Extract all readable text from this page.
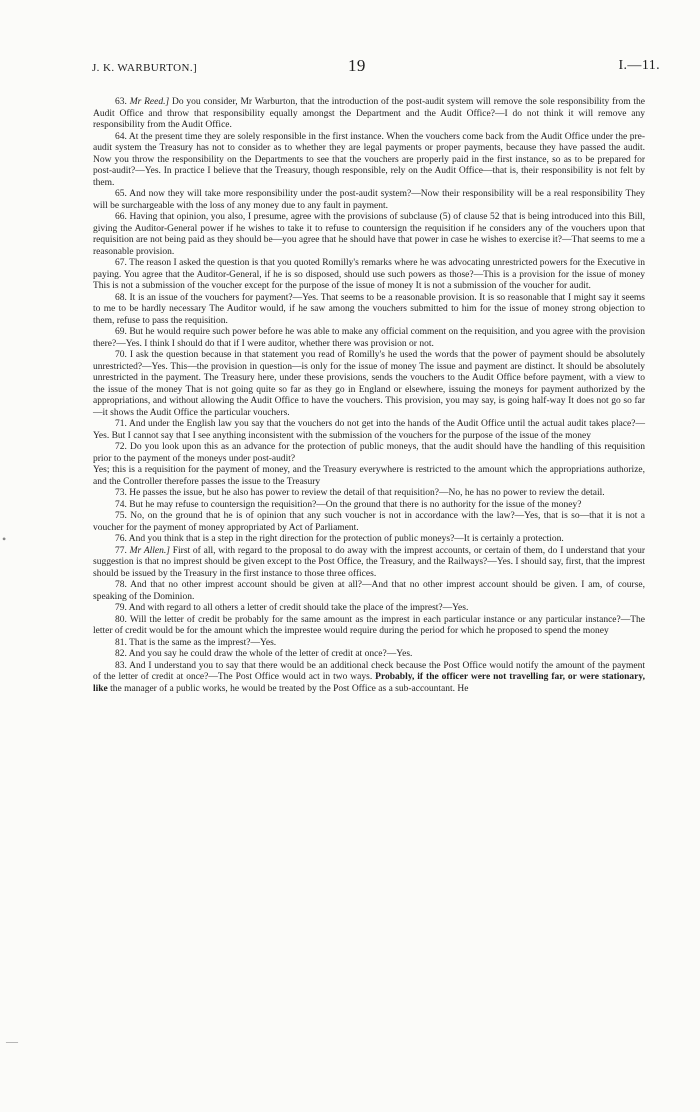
J. K. WARBURTON.]	19	I.—11.
•
—

63. Mr Reed.] Do you consider, Mr Warburton, that the introduction of the post-audit system will remove the sole responsibility from the Audit Office and throw that responsibility equally amongst the Department and the Audit Office?—I do not think it will remove any responsibility from the Audit Office.

64. At the present time they are solely responsible in the first instance. When the vouchers come back from the Audit Office under the pre-audit system the Treasury has not to consider as to whether they are legal payments or proper payments, because they have passed the audit. Now you throw the responsibility on the Departments to see that the vouchers are properly paid in the first instance, so as to be prepared for post-audit?—Yes. In practice I believe that the Treasury, though responsible, rely on the Audit Office—that is, their responsibility is not felt by them.

65. And now they will take more responsibility under the post-audit system?—Now their responsibility will be a real responsibility They will be surchargeable with the loss of any money due to any fault in payment.

66. Having that opinion, you also, I presume, agree with the provisions of subclause (5) of clause 52 that is being introduced into this Bill, giving the Auditor-General power if he wishes to take it to refuse to countersign the requisition if he considers any of the vouchers upon that requisition are not being paid as they should be—you agree that he should have that power in case he wishes to exercise it?—That seems to me a reasonable provision.

67. The reason I asked the question is that you quoted Romilly's remarks where he was advocating unrestricted powers for the Executive in paying. You agree that the Auditor-General, if he is so disposed, should use such powers as those?—This is a provision for the issue of money This is not a submission of the voucher except for the purpose of the issue of money It is not a submission of the voucher for audit.

68. It is an issue of the vouchers for payment?—Yes. That seems to be a reasonable provision. It is so reasonable that I might say it seems to me to be hardly necessary The Auditor would, if he saw among the vouchers submitted to him for the issue of money strong objection to them, refuse to pass the requisition.

69. But he would require such power before he was able to make any official comment on the requisition, and you agree with the provision there?—Yes. I think I should do that if I were auditor, whether there was provision or not.

70. I ask the question because in that statement you read of Romilly's he used the words that the power of payment should be absolutely unrestricted?—Yes. This—the provision in question—is only for the issue of money The issue and payment are distinct. It should be absolutely unrestricted in the payment. The Treasury here, under these provisions, sends the vouchers to the Audit Office before payment, with a view to the issue of the money That is not going quite so far as they go in England or elsewhere, issuing the moneys for payment authorized by the appropriations, and without allowing the Audit Office to have the vouchers. This provision, you may say, is going half-way It does not go so far—it shows the Audit Office the particular vouchers.

71. And under the English law you say that the vouchers do not get into the hands of the Audit Office until the actual audit takes place?—Yes. But I cannot say that I see anything inconsistent with the submission of the vouchers for the purpose of the issue of the money

72. Do you look upon this as an advance for the protection of public moneys, that the audit should have the handling of this requisition prior to the payment of the moneys under post-audit?

Yes; this is a requisition for the payment of money, and the Treasury everywhere is restricted to the amount which the appropriations authorize, and the Controller therefore passes the issue to the Treasury

73. He passes the issue, but he also has power to review the detail of that requisition?—No, he has no power to review the detail.

74. But he may refuse to countersign the requisition?—On the ground that there is no authority for the issue of the money?

75. No, on the ground that he is of opinion that any such voucher is not in accordance with the law?—Yes, that is so—that it is not a voucher for the payment of money appropriated by Act of Parliament.

76. And you think that is a step in the right direction for the protection of public moneys?—It is certainly a protection.

77. Mr Allen.] First of all, with regard to the proposal to do away with the imprest accounts, or certain of them, do I understand that your suggestion is that no imprest should be given except to the Post Office, the Treasury, and the Railways?—Yes. I should say, first, that the imprest should be issued by the Treasury in the first instance to those three offices.

78. And that no other imprest account should be given at all?—And that no other imprest account should be given. I am, of course, speaking of the Dominion.

79. And with regard to all others a letter of credit should take the place of the imprest?—Yes.

80. Will the letter of credit be probably for the same amount as the imprest in each particular instance or any particular instance?—The letter of credit would be for the amount which the imprestee would require during the period for which he proposed to spend the money

81. That is the same as the imprest?—Yes.

82. And you say he could draw the whole of the letter of credit at once?—Yes.

83. And I understand you to say that there would be an additional check because the Post Office would notify the amount of the payment of the letter of credit at once?—The Post Office would act in two ways. Probably, if the officer were not travelling far, or were stationary, like the manager of a public works, he would be treated by the Post Office as a sub-accountant. He
